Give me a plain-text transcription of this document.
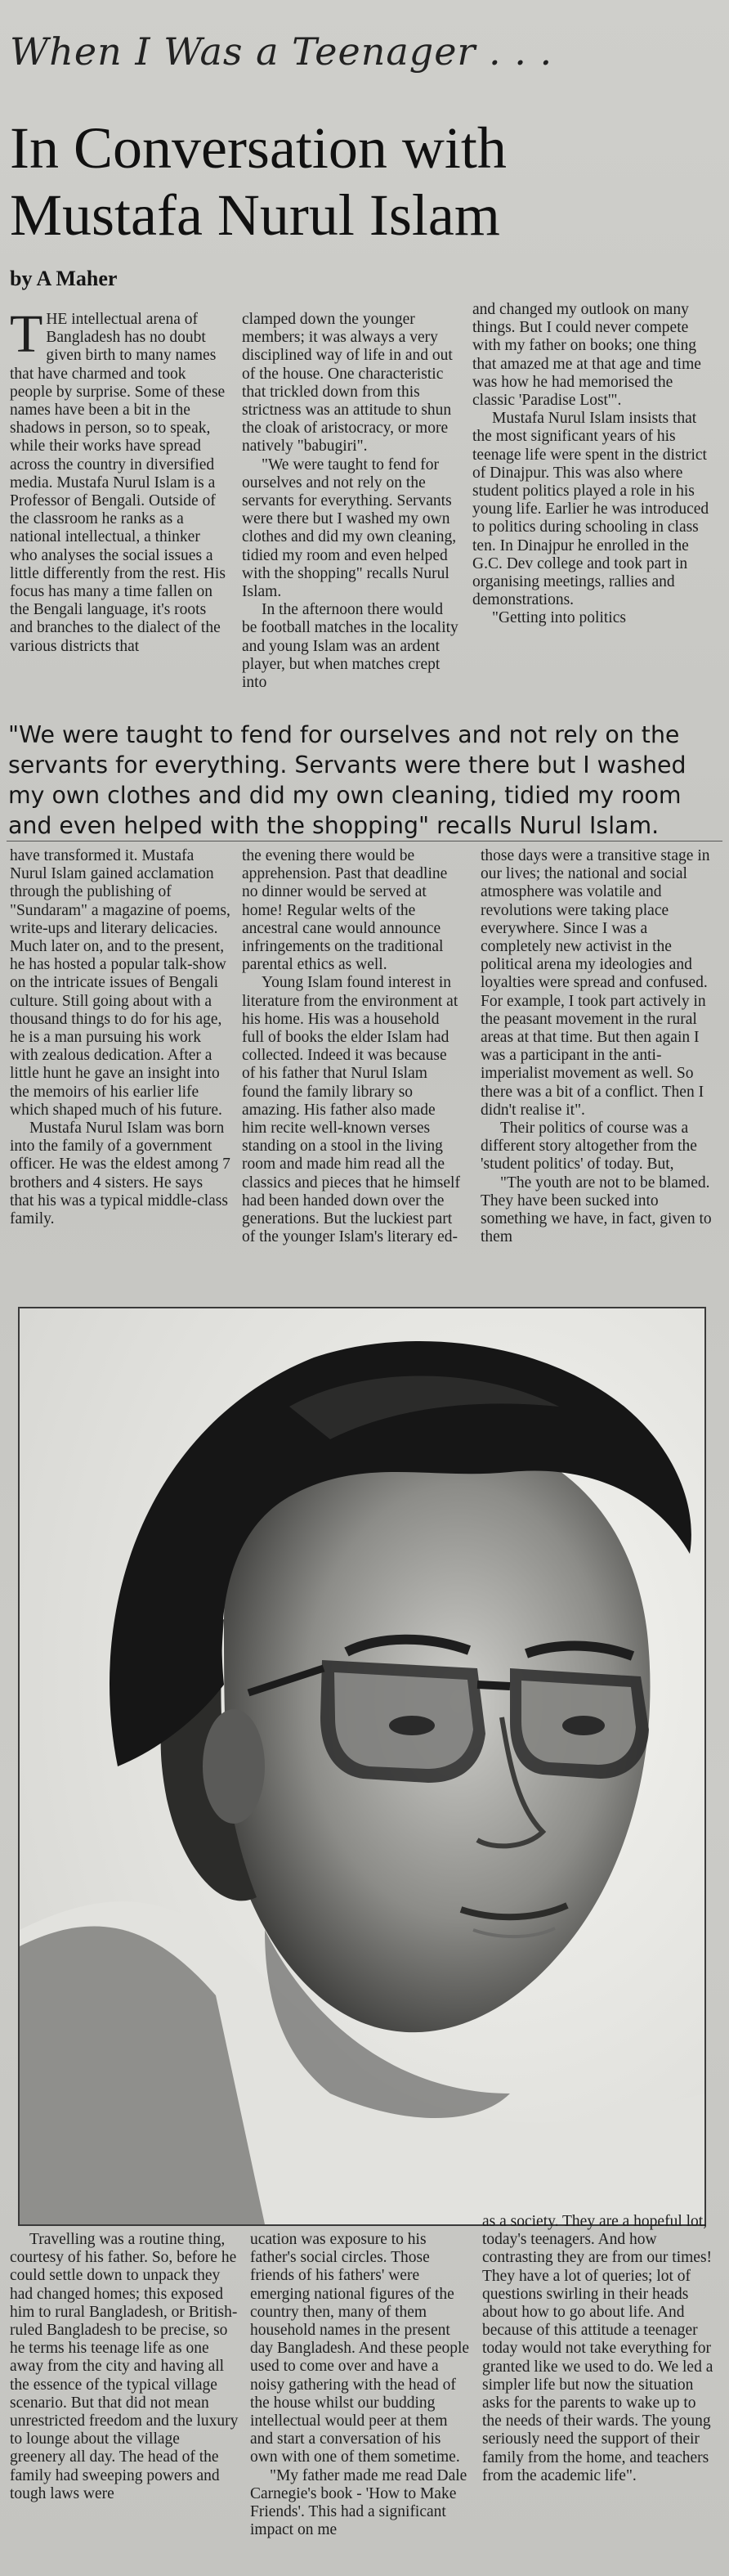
When I Was a Teenager . . .
In Conversation with Mustafa Nurul Islam
by A Maher

THE intellectual arena of Bangladesh has no doubt given birth to many names that have charmed and took people by surprise. Some of these names have been a bit in the shadows in person, so to speak, while their works have spread across the country in diversified media. Mustafa Nurul Islam is a Professor of Bengali. Outside of the classroom he ranks as a national intellectual, a thinker who analyses the social issues a little differently from the rest. His focus has many a time fallen on the Bengali language, it's roots and branches to the dialect of the various districts that

clamped down the younger members; it was always a very disciplined way of life in and out of the house. One characteristic that trickled down from this strictness was an attitude to shun the cloak of aristocracy, or more natively "babugiri".

"We were taught to fend for ourselves and not rely on the servants for everything. Servants were there but I washed my own clothes and did my own cleaning, tidied my room and even helped with the shopping" recalls Nurul Islam.

In the afternoon there would be football matches in the locality and young Islam was an ardent player, but when matches crept into

and changed my outlook on many things. But I could never compete with my father on books; one thing that amazed me at that age and time was how he had memorised the classic 'Paradise Lost'".

Mustafa Nurul Islam insists that the most significant years of his teenage life were spent in the district of Dinajpur. This was also where student politics played a role in his young life. Earlier he was introduced to politics during schooling in class ten. In Dinajpur he enrolled in the G.C. Dev college and took part in organising meetings, rallies and demonstrations.

"Getting into politics

"We were taught to fend for ourselves and not rely on the servants for everything. Servants were there but I washed my own clothes and did my own cleaning, tidied my room and even helped with the shopping" recalls Nurul Islam.

have transformed it. Mustafa Nurul Islam gained acclamation through the publishing of "Sundaram" a magazine of poems, write-ups and literary delicacies. Much later on, and to the present, he has hosted a popular talk-show on the intricate issues of Bengali culture. Still going about with a thousand things to do for his age, he is a man pursuing his work with zealous dedication. After a little hunt he gave an insight into the memoirs of his earlier life which shaped much of his future.

Mustafa Nurul Islam was born into the family of a government officer. He was the eldest among 7 brothers and 4 sisters. He says that his was a typical middle-class family.

the evening there would be apprehension. Past that deadline no dinner would be served at home! Regular welts of the ancestral cane would announce infringements on the traditional parental ethics as well.

Young Islam found interest in literature from the environment at his home. His was a household full of books the elder Islam had collected. Indeed it was because of his father that Nurul Islam found the family library so amazing. His father also made him recite well-known verses standing on a stool in the living room and made him read all the classics and pieces that he himself had been handed down over the generations. But the luckiest part of the younger Islam's literary ed-

those days were a transitive stage in our lives; the national and social atmosphere was volatile and revolutions were taking place everywhere. Since I was a completely new activist in the political arena my ideologies and loyalties were spread and confused. For example, I took part actively in the peasant movement in the rural areas at that time. But then again I was a participant in the anti-imperialist movement as well. So there was a bit of a conflict. Then I didn't realise it".

Their politics of course was a different story altogether from the 'student politics' of today. But,

"The youth are not to be blamed. They have been sucked into something we have, in fact, given to them

Travelling was a routine thing, courtesy of his father. So, before he could settle down to unpack they had changed homes; this exposed him to rural Bangladesh, or British-ruled Bangladesh to be precise, so he terms his teenage life as one away from the city and having all the essence of the typical village scenario. But that did not mean unrestricted freedom and the luxury to lounge about the village greenery all day. The head of the family had sweeping powers and tough laws were

ucation was exposure to his father's social circles. Those friends of his fathers' were emerging national figures of the country then, many of them household names in the present day Bangladesh. And these people used to come over and have a noisy gathering with the head of the house whilst our budding intellectual would peer at them and start a conversation of his own with one of them sometime.

"My father made me read Dale Carnegie's book - 'How to Make Friends'. This had a significant impact on me

as a society. They are a hopeful lot, today's teenagers. And how contrasting they are from our times! They have a lot of queries; lot of questions swirling in their heads about how to go about life. And because of this attitude a teenager today would not take everything for granted like we used to do. We led a simpler life but now the situation asks for the parents to wake up to the needs of their wards. The young seriously need the support of their family from the home, and teachers from the academic life".
